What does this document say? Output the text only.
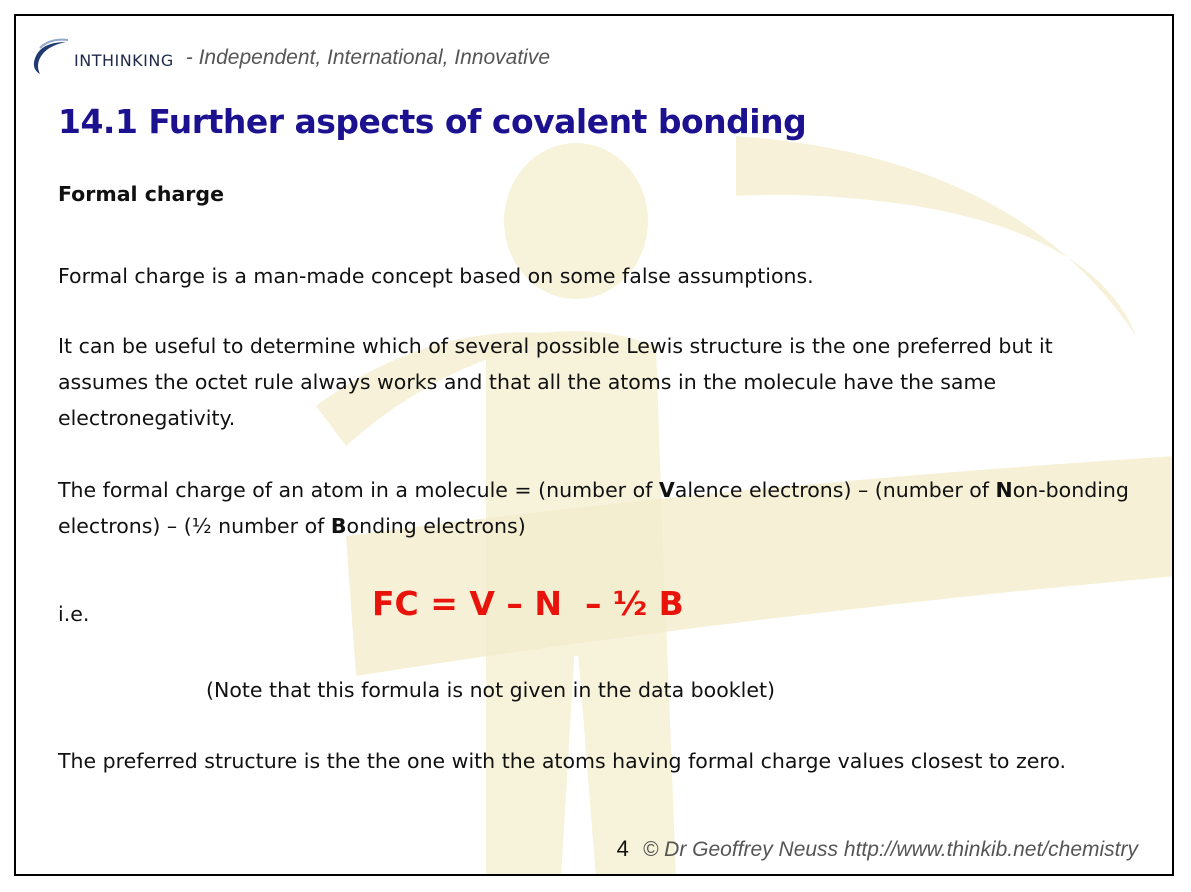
INTHINKING - Independent, International, Innovative
14.1 Further aspects of covalent bonding

Formal charge

Formal charge is a man-made concept based on some false assumptions.

It can be useful to determine which of several possible Lewis structure is the one preferred but it assumes the octet rule always works and that all the atoms in the molecule have the same electronegativity.

The formal charge of an atom in a molecule = (number of Valence electrons) – (number of Non-bonding electrons) – (½ number of Bonding electrons)

i.e.	FC = V – N  – ½ B

(Note that this formula is not given in the data booklet)

The preferred structure is the the one with the atoms having formal charge values closest to zero.

4 © Dr Geoffrey Neuss http://www.thinkib.net/chemistry
